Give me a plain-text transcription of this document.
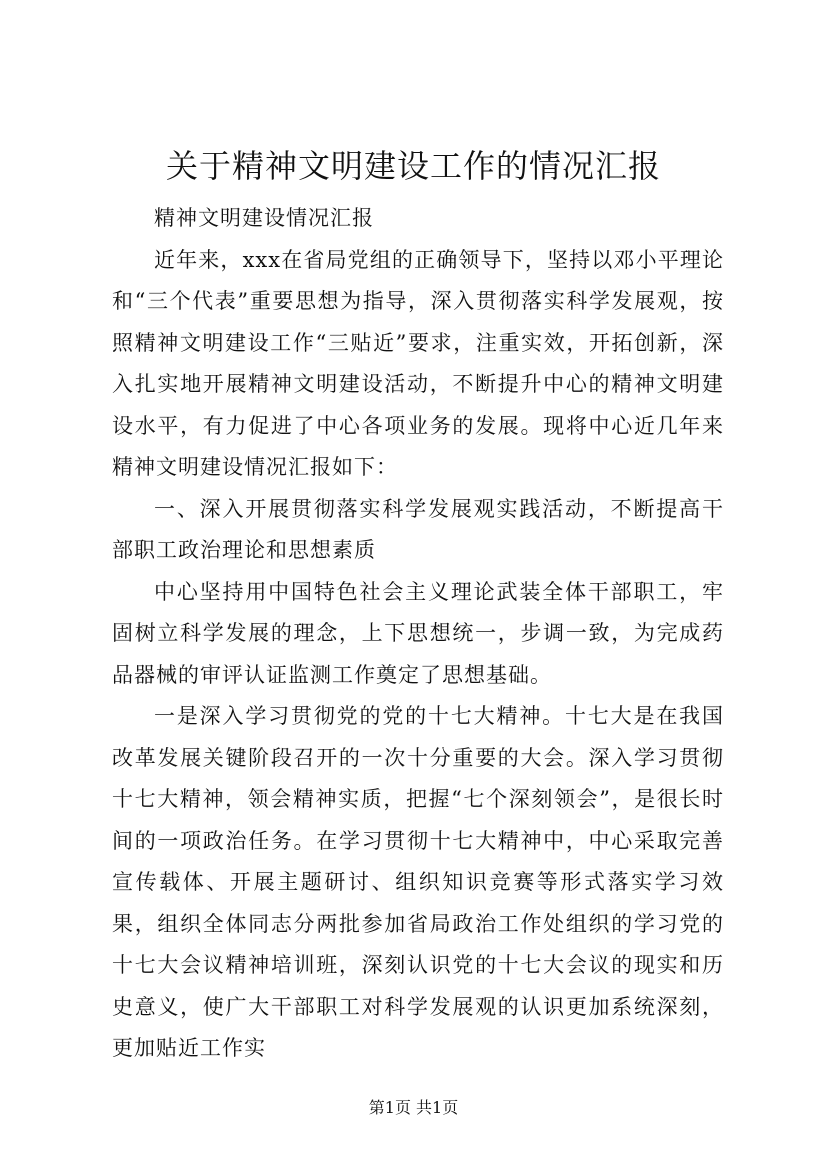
关于精神文明建设工作的情况汇报

精神文明建设情况汇报

近年来，xxx在省局党组的正确领导下，坚持以邓小平理论和“三个代表”重要思想为指导，深入贯彻落实科学发展观，按照精神文明建设工作“三贴近”要求，注重实效，开拓创新，深入扎实地开展精神文明建设活动，不断提升中心的精神文明建设水平，有力促进了中心各项业务的发展。现将中心近几年来精神文明建设情况汇报如下：

一、深入开展贯彻落实科学发展观实践活动，不断提高干部职工政治理论和思想素质

中心坚持用中国特色社会主义理论武装全体干部职工，牢固树立科学发展的理念，上下思想统一，步调一致，为完成药品器械的审评认证监测工作奠定了思想基础。

一是深入学习贯彻党的党的十七大精神。十七大是在我国改革发展关键阶段召开的一次十分重要的大会。深入学习贯彻十七大精神，领会精神实质，把握“七个深刻领会”，是很长时间的一项政治任务。在学习贯彻十七大精神中，中心采取完善宣传载体、开展主题研讨、组织知识竞赛等形式落实学习效果，组织全体同志分两批参加省局政治工作处组织的学习党的十七大会议精神培训班，深刻认识党的十七大会议的现实和历史意义，使广大干部职工对科学发展观的认识更加系统深刻，更加贴近工作实

第1页 共1页
